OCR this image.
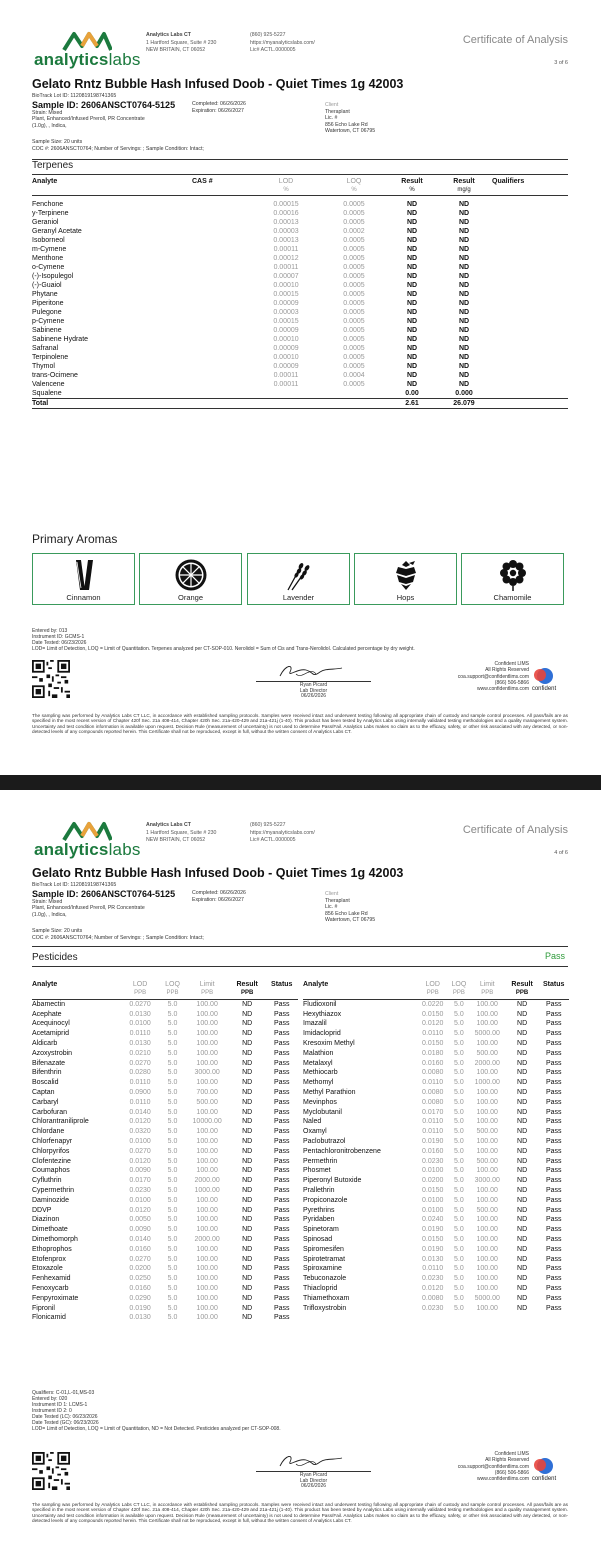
analyticslabs
Analytics Labs CT
1 Hartford Square, Suite # 230
NEW BRITAIN, CT 06052
(860) 925-5227
https://myanalyticslabs.com/
Lic# ACTL.0000005
Certificate of Analysis
3 of 6
Gelato Rntz Bubble Hash Infused Doob - Quiet Times 1g 42003
BioTrack Lot ID: 1120819198741365
Sample ID: 2606ANSCT0764-5125
Strain: Mixed
Plant, Enhanced/Infused Preroll, PR Concentrate
(1.0g), , Indica,
Completed: 06/26/2026
Expiration: 06/26/2027
Client
Theraplant
Lic. #
856 Echo Lake Rd
Watertown, CT 06795
Sample Size: 20 units
COC #: 2606ANSCT0764; Number of Servings: ; Sample Condition: Intact;
Terpenes
Analyte	CAS #	LOD	LOQ	Result	Result	Qualifiers
		%	%	%	mg/g	

Fenchone		0.00015	0.0005	ND	ND	
y-Terpinene		0.00016	0.0005	ND	ND	
Geraniol		0.00013	0.0005	ND	ND	
Geranyl Acetate		0.00003	0.0002	ND	ND	
Isoborneol		0.00013	0.0005	ND	ND	
m-Cymene		0.00011	0.0005	ND	ND	
Menthone		0.00012	0.0005	ND	ND	
o-Cymene		0.00011	0.0005	ND	ND	
(-)-Isopulegol		0.00007	0.0005	ND	ND	
(-)-Guaiol		0.00010	0.0005	ND	ND	
Phytane		0.00015	0.0005	ND	ND	
Piperitone		0.00009	0.0005	ND	ND	
Pulegone		0.00003	0.0005	ND	ND	
p-Cymene		0.00015	0.0005	ND	ND	
Sabinene		0.00009	0.0005	ND	ND	
Sabinene Hydrate		0.00010	0.0005	ND	ND	
Safranal		0.00009	0.0005	ND	ND	
Terpinolene		0.00010	0.0005	ND	ND	
Thymol		0.00009	0.0005	ND	ND	
trans-Ocimene		0.00011	0.0004	ND	ND	
Valencene		0.00011	0.0005	ND	ND	
Squalene				0.00	0.000	
Total				2.61	26.079	
Primary Aromas
Cinnamon	Orange	Lavender	Hops	Chamomile
Entered by: 013
Instrument ID: GCMS-1
Date Tested: 06/23/2026
LOD= Limit of Detection, LOQ = Limit of Quantitation. Terpenes analyzed per CT-SOP-010. Nerolidol = Sum of Cis and Trans-Nerolidol. Calculated percentage by dry weight.
Ryan Picard
Lab Director
06/26/2026
Confident LIMS
All Rights Reserved
coa.support@confidentlims.com
(866) 506-5866
www.confidentlims.com confident
The sampling was performed by Analytics Labs CT LLC, in accordance with established sampling protocols. Samples were received intact and underwent testing following all appropriate chain of custody and sample control processes. All pass/fails are as specified in the most recent version of Chapter 420f Sec. 21a 408-414, Chapter 420h Sec. 21a-420-429 and 21a-421j (1-40). This product has been tested by Analytics Labs using internally validated testing methodologies and a quality management system. Uncertainty and test condition information is available upon request. Decision Rule (measurement of uncertainty) is not used to determine Pass/Fail. Analytics Labs makes no claim as to the efficacy, safety, or other risk associated with any detected, or non-detected levels of any compounds reported herein. This Certificate shall not be reproduced, except in full, without the written consent of Analytics Labs CT.
analyticslabs
Analytics Labs CT
1 Hartford Square, Suite # 230
NEW BRITAIN, CT 06052
(860) 925-5227
https://myanalyticslabs.com/
Lic# ACTL.0000005
Certificate of Analysis
4 of 6
Gelato Rntz Bubble Hash Infused Doob - Quiet Times 1g 42003
BioTrack Lot ID: 1120819198741365
Sample ID: 2606ANSCT0764-5125
Strain: Mixed
Plant, Enhanced/Infused Preroll, PR Concentrate
(1.0g), , Indica,
Completed: 06/26/2026
Expiration: 06/26/2027
Client
Theraplant
Lic. #
856 Echo Lake Rd
Watertown, CT 06795
Sample Size: 20 units
COC #: 2606ANSCT0764; Number of Servings: ; Sample Condition: Intact;
Pesticides	Pass
Analyte	LOD	LOQ	Limit	Result	Status
	PPB	PPB	PPB	PPB	
Abamectin	0.0270	5.0	100.00	ND	Pass
Acephate	0.0130	5.0	100.00	ND	Pass
Acequinocyl	0.0100	5.0	100.00	ND	Pass
Acetamiprid	0.0110	5.0	100.00	ND	Pass
Aldicarb	0.0130	5.0	100.00	ND	Pass
Azoxystrobin	0.0210	5.0	100.00	ND	Pass
Bifenazate	0.0270	5.0	100.00	ND	Pass
Bifenthrin	0.0280	5.0	3000.00	ND	Pass
Boscalid	0.0110	5.0	100.00	ND	Pass
Captan	0.0900	5.0	700.00	ND	Pass
Carbaryl	0.0110	5.0	500.00	ND	Pass
Carbofuran	0.0140	5.0	100.00	ND	Pass
Chlorantraniliprole	0.0120	5.0	10000.00	ND	Pass
Chlordane	0.0320	5.0	100.00	ND	Pass
Chlorfenapyr	0.0100	5.0	100.00	ND	Pass
Chlorpyrifos	0.0270	5.0	100.00	ND	Pass
Clofentezine	0.0120	5.0	100.00	ND	Pass
Coumaphos	0.0090	5.0	100.00	ND	Pass
Cyfluthrin	0.0170	5.0	2000.00	ND	Pass
Cypermethrin	0.0230	5.0	1000.00	ND	Pass
Daminozide	0.0100	5.0	100.00	ND	Pass
DDVP	0.0120	5.0	100.00	ND	Pass
Diazinon	0.0050	5.0	100.00	ND	Pass
Dimethoate	0.0090	5.0	100.00	ND	Pass
Dimethomorph	0.0140	5.0	2000.00	ND	Pass
Ethoprophos	0.0160	5.0	100.00	ND	Pass
Etofenprox	0.0270	5.0	100.00	ND	Pass
Etoxazole	0.0200	5.0	100.00	ND	Pass
Fenhexamid	0.0250	5.0	100.00	ND	Pass
Fenoxycarb	0.0160	5.0	100.00	ND	Pass
Fenpyroximate	0.0290	5.0	100.00	ND	Pass
Fipronil	0.0190	5.0	100.00	ND	Pass
Flonicamid	0.0130	5.0	100.00	ND	Pass
Analyte	LOD	LOQ	Limit	Result	Status
	PPB	PPB	PPB	PPB	
Fludioxonil	0.0220	5.0	100.00	ND	Pass
Hexythiazox	0.0150	5.0	100.00	ND	Pass
Imazalil	0.0120	5.0	100.00	ND	Pass
Imidacloprid	0.0110	5.0	5000.00	ND	Pass
Kresoxim Methyl	0.0150	5.0	100.00	ND	Pass
Malathion	0.0180	5.0	500.00	ND	Pass
Metalaxyl	0.0160	5.0	2000.00	ND	Pass
Methiocarb	0.0080	5.0	100.00	ND	Pass
Methomyl	0.0110	5.0	1000.00	ND	Pass
Methyl Parathion	0.0080	5.0	100.00	ND	Pass
Mevinphos	0.0080	5.0	100.00	ND	Pass
Myclobutanil	0.0170	5.0	100.00	ND	Pass
Naled	0.0110	5.0	100.00	ND	Pass
Oxamyl	0.0110	5.0	500.00	ND	Pass
Paclobutrazol	0.0190	5.0	100.00	ND	Pass
Pentachloronitrobenzene	0.0160	5.0	100.00	ND	Pass
Permethrin	0.0230	5.0	500.00	ND	Pass
Phosmet	0.0100	5.0	100.00	ND	Pass
Piperonyl Butoxide	0.0200	5.0	3000.00	ND	Pass
Prallethrin	0.0150	5.0	100.00	ND	Pass
Propiconazole	0.0100	5.0	100.00	ND	Pass
Pyrethrins	0.0100	5.0	500.00	ND	Pass
Pyridaben	0.0240	5.0	100.00	ND	Pass
Spinetoram	0.0190	5.0	100.00	ND	Pass
Spinosad	0.0150	5.0	100.00	ND	Pass
Spiromesifen	0.0190	5.0	100.00	ND	Pass
Spirotetramat	0.0130	5.0	100.00	ND	Pass
Spiroxamine	0.0110	5.0	100.00	ND	Pass
Tebuconazole	0.0230	5.0	100.00	ND	Pass
Thiacloprid	0.0120	5.0	100.00	ND	Pass
Thiamethoxam	0.0080	5.0	5000.00	ND	Pass
Trifloxystrobin	0.0230	5.0	100.00	ND	Pass
Qualifiers: C-01,L-01,MS-03
Entered by: 020
Instrument ID 1: LCMS-1
Instrument ID 2: 0
Date Tested (LC): 06/23/2026
Date Tested (GC): 06/23/2026
LOD= Limit of Detection, LOQ = Limit of Quantitation, ND = Not Detected. Pesticides analyzed per CT-SOP-008.
Ryan Picard
Lab Director
06/26/2026
Confident LIMS
All Rights Reserved
coa.support@confidentlims.com
(866) 506-5866
www.confidentlims.com confident
The sampling was performed by Analytics Labs CT LLC, in accordance with established sampling protocols. Samples were received intact and underwent testing following all appropriate chain of custody and sample control processes. All pass/fails are as specified in the most recent version of Chapter 420f Sec. 21a 408-414, Chapter 420h Sec. 21a-420-429 and 21a-421j (1-40). This product has been tested by Analytics Labs using internally validated testing methodologies and a quality management system. Uncertainty and test condition information is available upon request. Decision Rule (measurement of uncertainty) is not used to determine Pass/Fail. Analytics Labs makes no claim as to the efficacy, safety, or other risk associated with any detected, or non-detected levels of any compounds reported herein. This Certificate shall not be reproduced, except in full, without the written consent of Analytics Labs CT.
